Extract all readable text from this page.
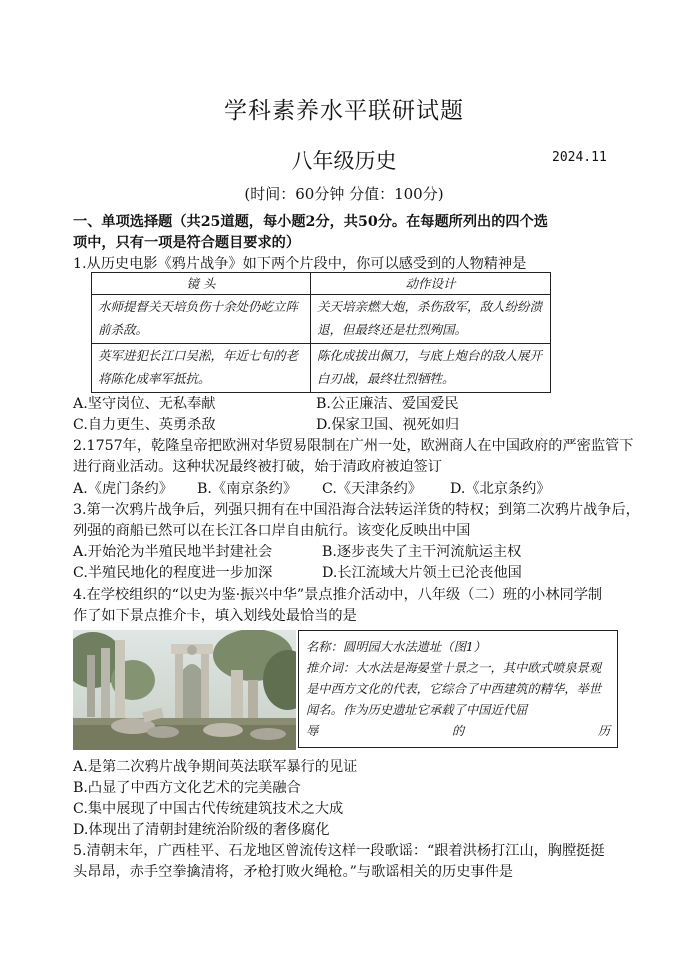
学科素养水平联研试题
八年级历史	2024.11
(时间：60分钟 分值：100分)
一、单项选择题（共25道题，每小题2分，共50分。在每题所列出的四个选
项中，只有一项是符合题目要求的）
1.从历史电影《鸦片战争》如下两个片段中，你可以感受到的人物精神是
镜 头	动作设计
水师提督关天培负伤十余处仍屹立阵前杀敌。	关天培亲燃大炮，杀伤敌军，敌人纷纷溃退，但最终还是壮烈殉国。
英军进犯长江口吴淞，年近七旬的老将陈化成率军抵抗。	陈化成拔出佩刀，与底上炮台的敌人展开白刃战，最终壮烈牺牲。
A.坚守岗位、无私奉献	B.公正廉洁、爱国爱民
C.自力更生、英勇杀敌	D.保家卫国、视死如归
2.1757年，乾隆皇帝把欧洲对华贸易限制在广州一处，欧洲商人在中国政府的严密监管下
进行商业活动。这种状况最终被打破，始于清政府被迫签订
A.《虎门条约》 B.《南京条约》 C.《天津条约》 D.《北京条约》
3.第一次鸦片战争后，列强只拥有在中国沿海合法转运洋货的特权；到第二次鸦片战争后，
列强的商船已然可以在长江各口岸自由航行。该变化反映出中国
A.开始沦为半殖民地半封建社会	B.逐步丧失了主干河流航运主权
C.半殖民地化的程度进一步加深	D.长江流域大片领土已沦丧他国
4.在学校组织的“以史为鉴·振兴中华”景点推介活动中，八年级（二）班的小林同学制
作了如下景点推介卡，填入划线处最恰当的是

名称：圆明园大水法遗址（图1）

推介词：大水法是海晏堂十景之一，其中欧式喷泉景观是中西方文化的代表，它综合了中西建筑的精华，举世闻名。作为历史遗址它承载了中国近代屈

辱	的	历

A.是第二次鸦片战争期间英法联军暴行的见证
B.凸显了中西方文化艺术的完美融合
C.集中展现了中国古代传统建筑技术之大成
D.体现出了清朝封建统治阶级的奢侈腐化
5.清朝末年，广西桂平、石龙地区曾流传这样一段歌谣：“跟着洪杨打江山，胸膛挺挺
头昂昂，赤手空拳擒清将，矛枪打败火绳枪。”与歌谣相关的历史事件是
